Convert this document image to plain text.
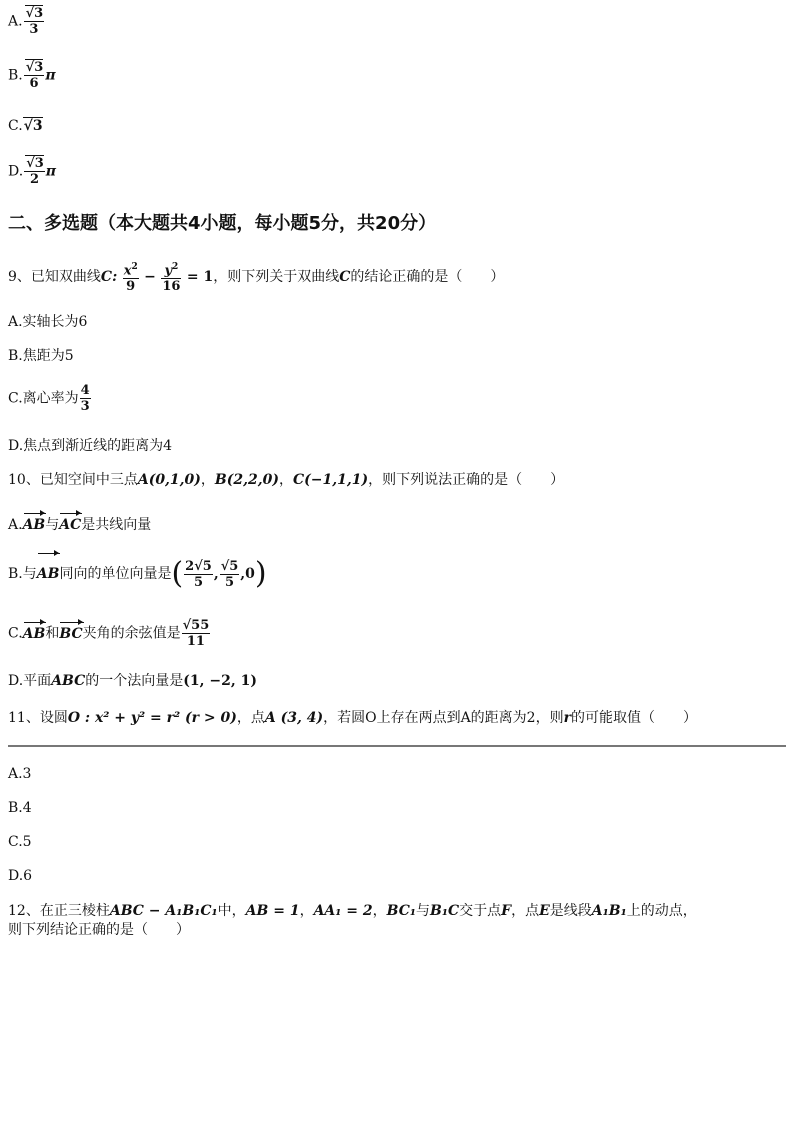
A. $\frac{√3}{3}$
B. $\frac{√3}{6}$ π
C.√3
D. $\frac{√3}{2}$ π
二、多选题（本大题共4小题，每小题5分，共20分）
9、已知双曲线C: $\frac{x^2}{9} - \frac{y^2}{16} = 1$，则下列关于双曲线C的结论正确的是（　　）
A.实轴长为6
B.焦距为5
C.离心率为 $\frac{4}{3}$
D.焦点到渐近线的距离为4
10、已知空间中三点A(0,1,0)，B(2,2,0)，C(−1,1,1)，则下列说法正确的是（　　）
A.AB与AC是共线向量
B.与AB同向的单位向量是( $\frac{2√5}{5}$ , $\frac{√5}{5} ,0$)
C.AB和BC夹角的余弦值是 $\frac{√55}{11}$
D.平面ABC的一个法向量是(1, −2, 1)
11、设圆O : x² + y² = r² (r > 0)，点A (3, 4)，若圆O上存在两点到A的距离为2，则r的可能取值（　　）
A.3
B.4
C.5
D.6
12、在正三棱柱ABC − A₁B₁C₁中，AB = 1，AA₁ = 2，BC₁与B₁C交于点F，点E是线段A₁B₁上的动点，
则下列结论正确的是（　　）
